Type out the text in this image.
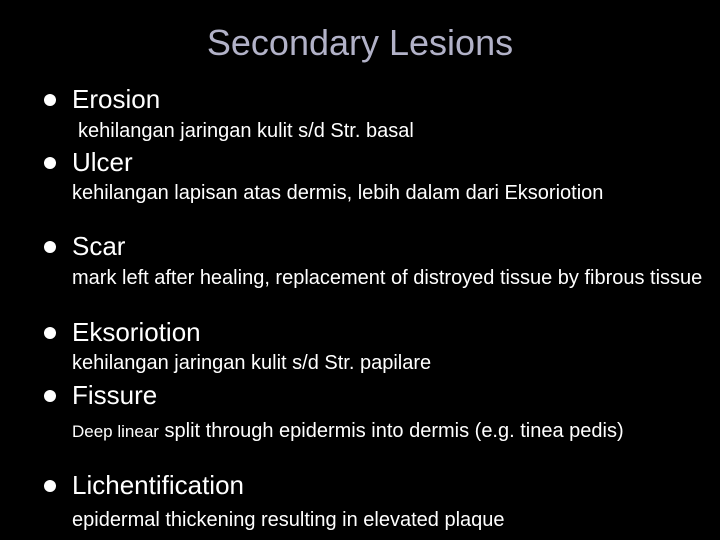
Secondary Lesions
Erosion
kehilangan jaringan kulit s/d Str. basal
Ulcer
kehilangan lapisan atas dermis, lebih dalam dari Eksoriotion
Scar
mark left after healing, replacement of distroyed tissue by fibrous tissue
Eksoriotion
kehilangan jaringan kulit s/d Str. papilare
Fissure
Deep linear split through epidermis into dermis (e.g. tinea pedis)
Lichentification
epidermal thickening resulting in elevated plaque
